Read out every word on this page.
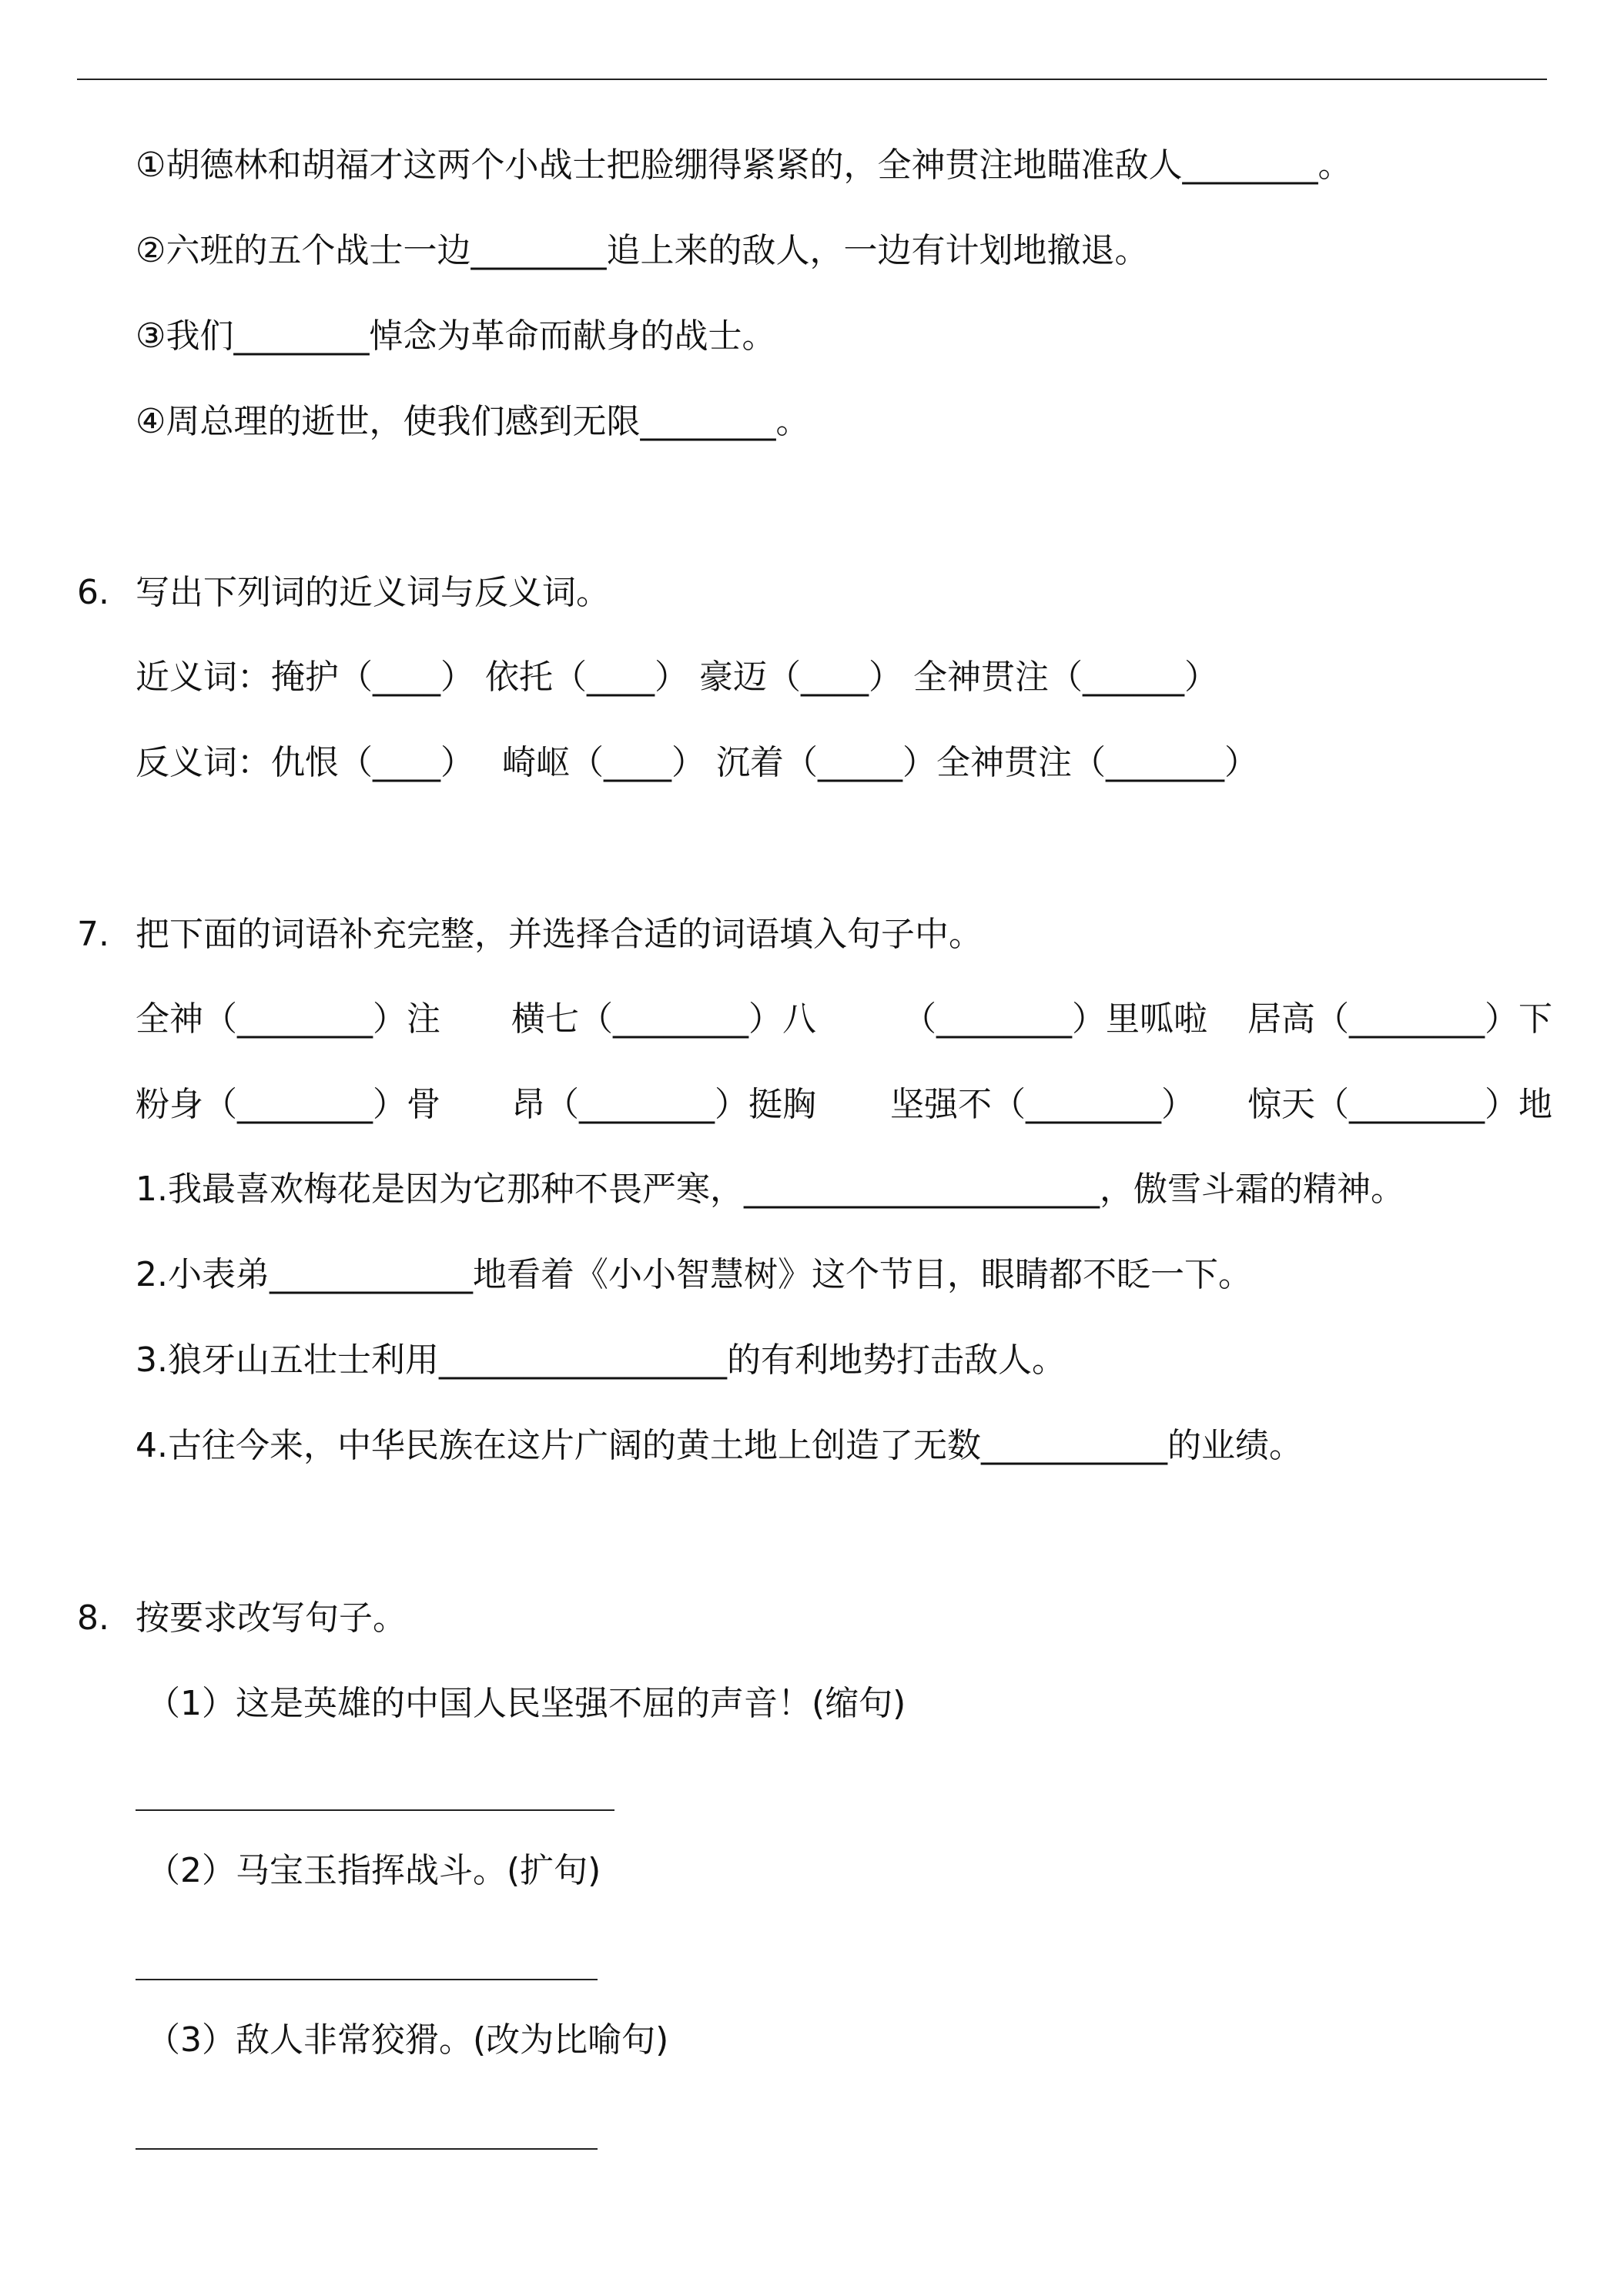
①胡德林和胡福才这两个小战士把脸绷得紧紧的，全神贯注地瞄准敌人________。
②六班的五个战士一边________追上来的敌人，一边有计划地撤退。
③我们________悼念为革命而献身的战士。
④周总理的逝世，使我们感到无限________。
6. 写出下列词的近义词与反义词。
近义词：掩护（____） 依托（____） 豪迈（____） 全神贯注（______）
反义词：仇恨（____）　 崎岖（____） 沉着（_____）全神贯注（_______）
7. 把下面的词语补充完整，并选择合适的词语填入句子中。
全神（________）注 横七（________）八	（________）里呱啦 居高（________）下
粉身（________）骨 昂（________）挺胸 坚强不（________） 惊天（________）地
1.我最喜欢梅花是因为它那种不畏严寒，_____________________，傲雪斗霜的精神。
2.小表弟____________地看着《小小智慧树》这个节目，眼睛都不眨一下。
3.狼牙山五壮士利用_________________的有利地势打击敌人。
4.古往今来，中华民族在这片广阔的黄土地上创造了无数___________的业绩。
8. 按要求改写句子。
（1）这是英雄的中国人民坚强不屈的声音！(缩句)
（2）马宝玉指挥战斗。(扩句)
（3）敌人非常狡猾。(改为比喻句)
